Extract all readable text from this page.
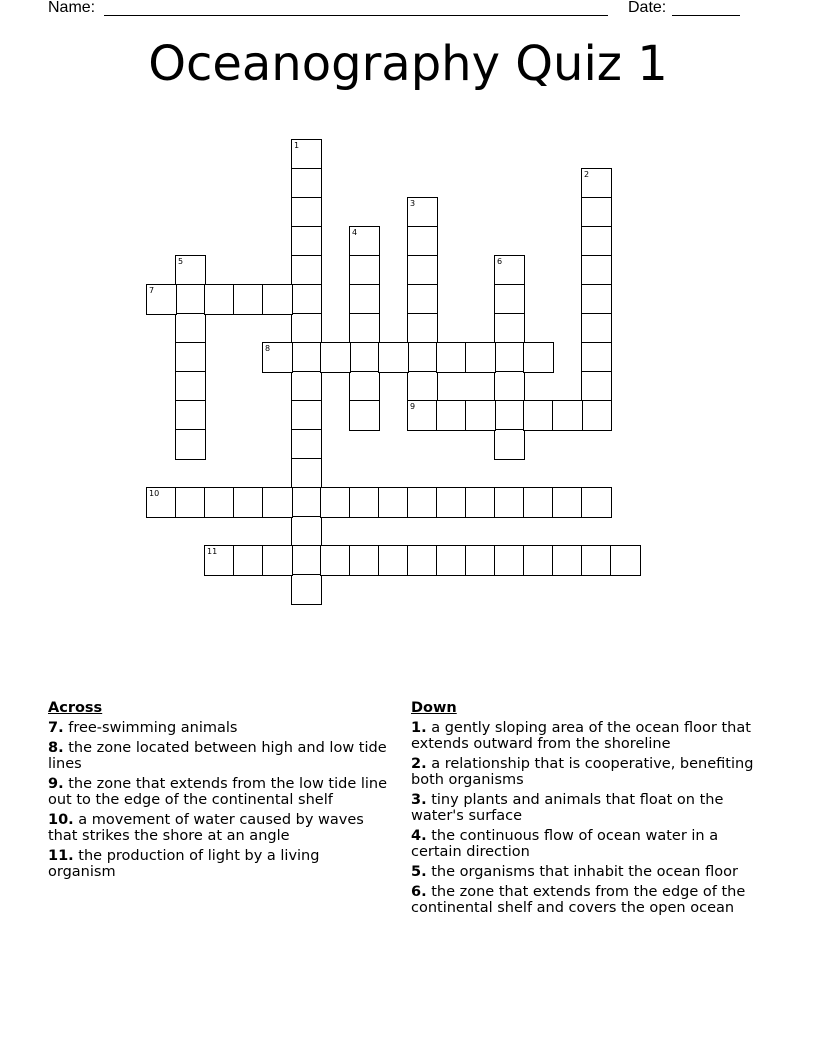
Name:	Date:
Oceanography Quiz 1
1
2
3
9
4
5	6
7
8
10
11
Across
7. free-swimming animals
8. the zone located between high and low tide lines
9. the zone that extends from the low tide line out to the edge of the continental shelf
10. a movement of water caused by waves that strikes the shore at an angle
11. the production of light by a living organism
Down
1. a gently sloping area of the ocean floor that extends outward from the shoreline
2. a relationship that is cooperative, benefiting both organisms
3. tiny plants and animals that float on the water's surface
4. the continuous flow of ocean water in a certain direction
5. the organisms that inhabit the ocean floor
6. the zone that extends from the edge of the continental shelf and covers the open ocean
